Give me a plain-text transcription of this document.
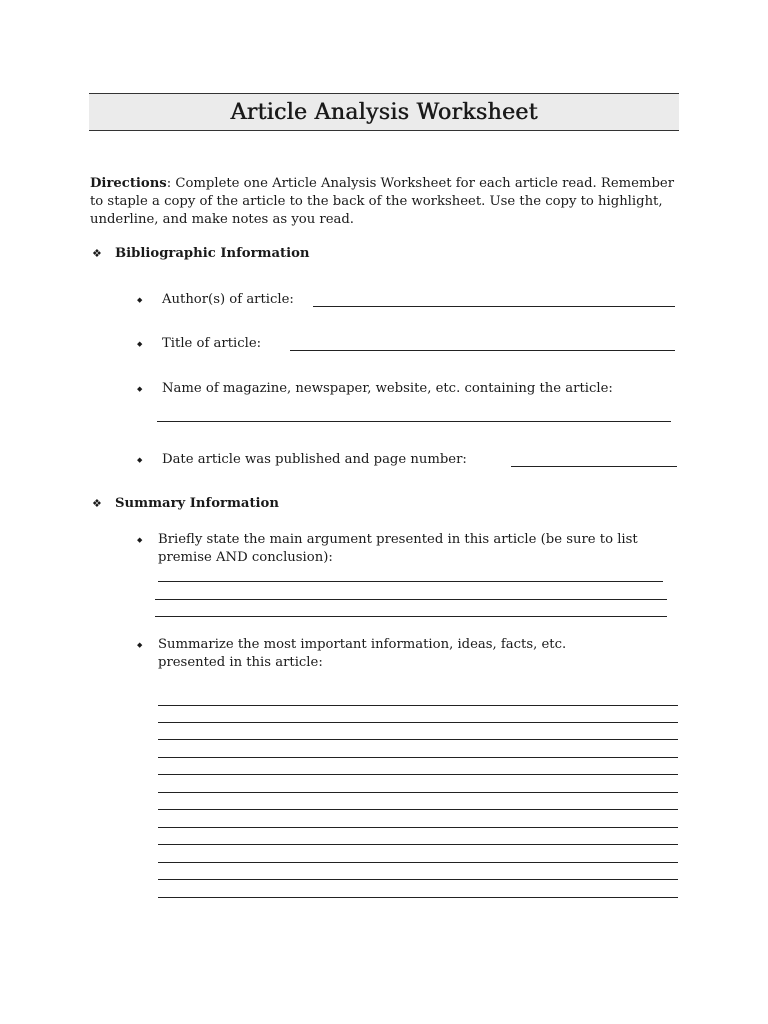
Article Analysis Worksheet
Directions: Complete one Article Analysis Worksheet for each article read. Remember to staple a copy of the article to the back of the worksheet. Use the copy to highlight, underline, and make notes as you read.
❖ Bibliographic Information
◆ Author(s) of article:
◆ Title of article:
◆ Name of magazine, newspaper, website, etc. containing the article:
◆ Date article was published and page number:
❖ Summary Information
◆ Briefly state the main argument presented in this article (be sure to list premise AND conclusion):
◆ Summarize the most important information, ideas, facts, etc. presented in this article:
